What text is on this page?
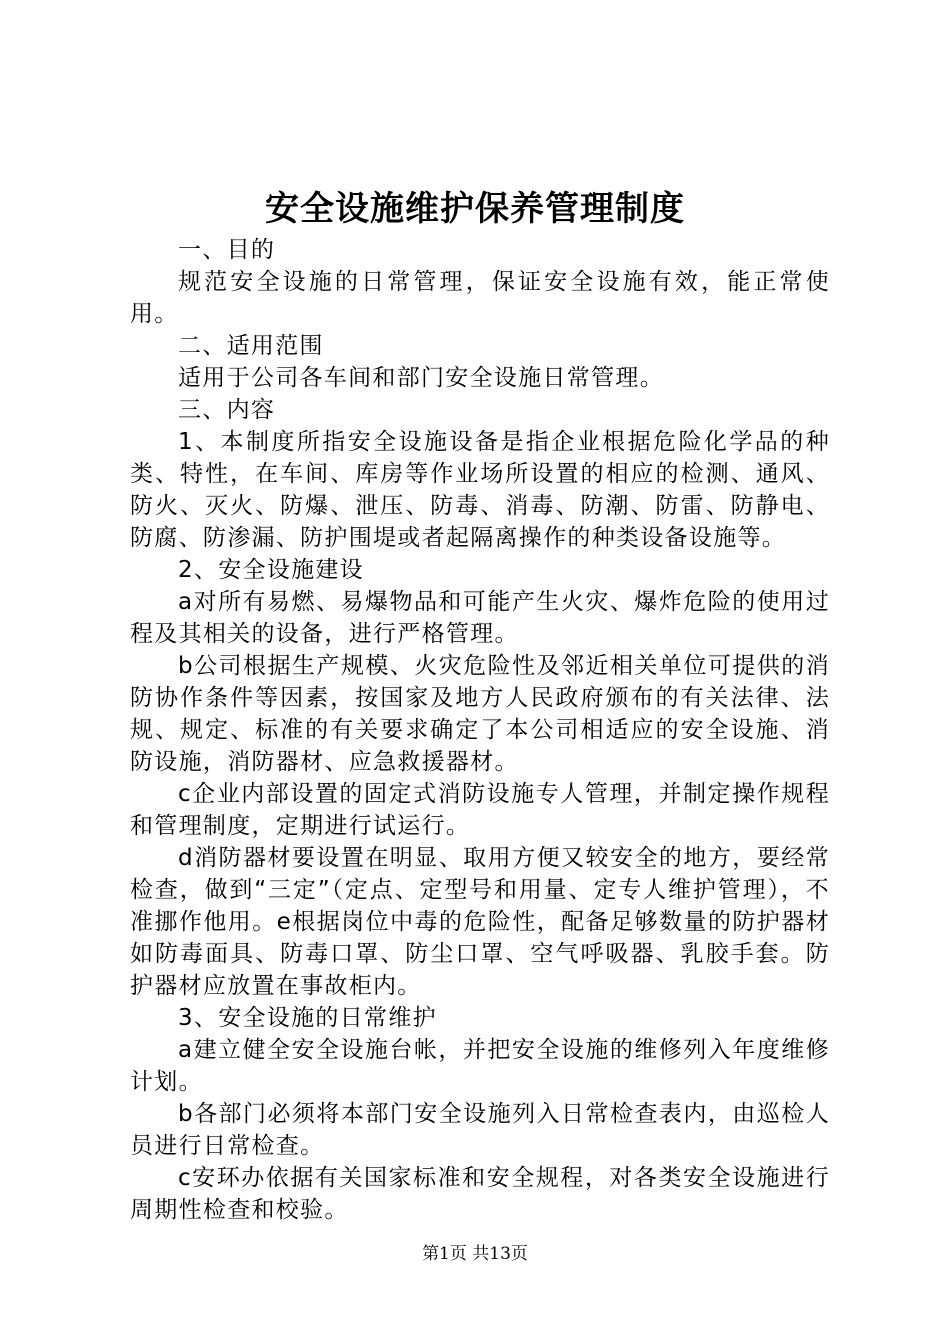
安全设施维护保养管理制度

一、目的

规范安全设施的日常管理，保证安全设施有效，能正常使用。

二、适用范围

适用于公司各车间和部门安全设施日常管理。

三、内容

1、本制度所指安全设施设备是指企业根据危险化学品的种类、特性，在车间、库房等作业场所设置的相应的检测、通风、防火、灭火、防爆、泄压、防毒、消毒、防潮、防雷、防静电、防腐、防渗漏、防护围堤或者起隔离操作的种类设备设施等。

2、安全设施建设

a对所有易燃、易爆物品和可能产生火灾、爆炸危险的使用过程及其相关的设备，进行严格管理。

b公司根据生产规模、火灾危险性及邻近相关单位可提供的消防协作条件等因素，按国家及地方人民政府颁布的有关法律、法规、规定、标准的有关要求确定了本公司相适应的安全设施、消防设施，消防器材、应急救援器材。

c企业内部设置的固定式消防设施专人管理，并制定操作规程和管理制度，定期进行试运行。

d消防器材要设置在明显、取用方便又较安全的地方，要经常检查，做到“三定”（定点、定型号和用量、定专人维护管理），不准挪作他用。e根据岗位中毒的危险性，配备足够数量的防护器材如防毒面具、防毒口罩、防尘口罩、空气呼吸器、乳胶手套。防护器材应放置在事故柜内。

3、安全设施的日常维护

a建立健全安全设施台帐，并把安全设施的维修列入年度维修计划。

b各部门必须将本部门安全设施列入日常检查表内，由巡检人员进行日常检查。

c安环办依据有关国家标准和安全规程，对各类安全设施进行周期性检查和校验。

第1页 共13页
